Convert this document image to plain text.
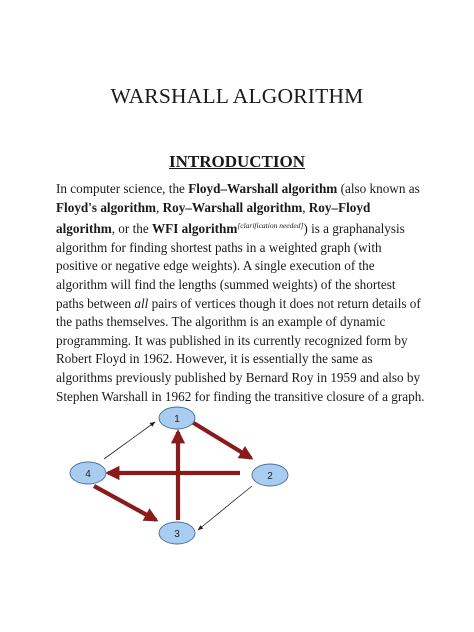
WARSHALL ALGORITHM
INTRODUCTION

In computer science, the Floyd–Warshall algorithm (also known as Floyd's algorithm, Roy–Warshall algorithm, Roy–Floyd algorithm, or the WFI algorithm[clarification needed]) is a graphanalysis algorithm for finding shortest paths in a weighted graph (with positive or negative edge weights). A single execution of the algorithm will find the lengths (summed weights) of the shortest paths between all pairs of vertices though it does not return details of the paths themselves. The algorithm is an example of dynamic programming. It was published in its currently recognized form by Robert Floyd in 1962. However, it is essentially the same as algorithms previously published by Bernard Roy in 1959 and also by Stephen Warshall in 1962 for finding the transitive closure of a graph.

1
2
3
4
